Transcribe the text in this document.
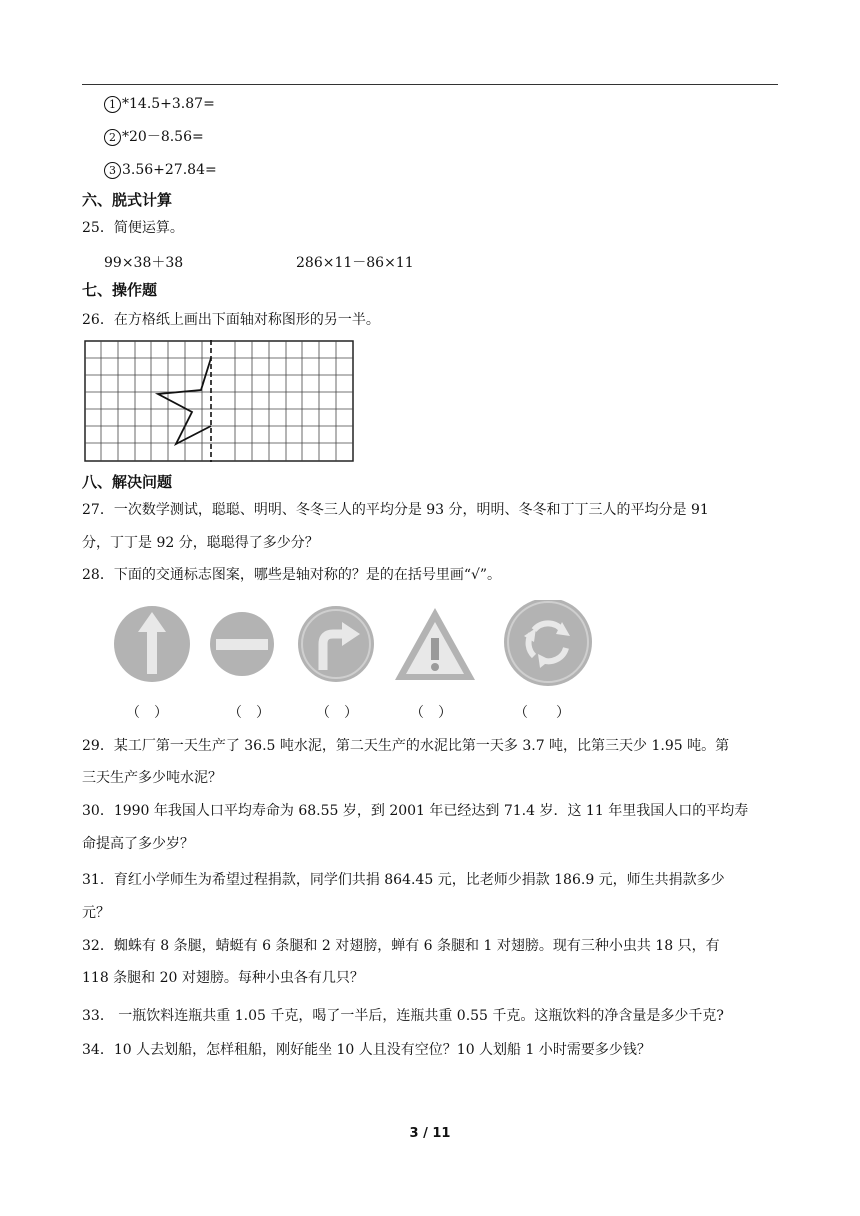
1 *14.5+3.87=
2 *20－8.56=
3 3.56+27.84=
六、脱式计算
25．简便运算。
99×38＋38	286×11－86×11
七、操作题
26．在方格纸上画出下面轴对称图形的另一半。
八、解决问题
27．一次数学测试，聪聪、明明、冬冬三人的平均分是 93 分，明明、冬冬和丁丁三人的平均分是 91
分，丁丁是 92 分，聪聪得了多少分？
28．下面的交通标志图案，哪些是轴对称的？是的在括号里画“√”。
（　）	（　）	（　）	（　）	（　　）
29．某工厂第一天生产了 36.5 吨水泥，第二天生产的水泥比第一天多 3.7 吨，比第三天少 1.95 吨。第
三天生产多少吨水泥？
30．1990 年我国人口平均寿命为 68.55 岁，到 2001 年已经达到 71.4 岁．这 11 年里我国人口的平均寿
命提高了多少岁？
31．育红小学师生为希望过程捐款，同学们共捐 864.45 元，比老师少捐款 186.9 元，师生共捐款多少
元？
32．蜘蛛有 8 条腿，蜻蜓有 6 条腿和 2 对翅膀，蝉有 6 条腿和 1 对翅膀。现有三种小虫共 18 只，有
118 条腿和 20 对翅膀。每种小虫各有几只？
33． 一瓶饮料连瓶共重 1.05 千克，喝了一半后，连瓶共重 0.55 千克。这瓶饮料的净含量是多少千克?
34．10 人去划船，怎样租船，刚好能坐 10 人且没有空位？10 人划船 1 小时需要多少钱？
3 / 11
